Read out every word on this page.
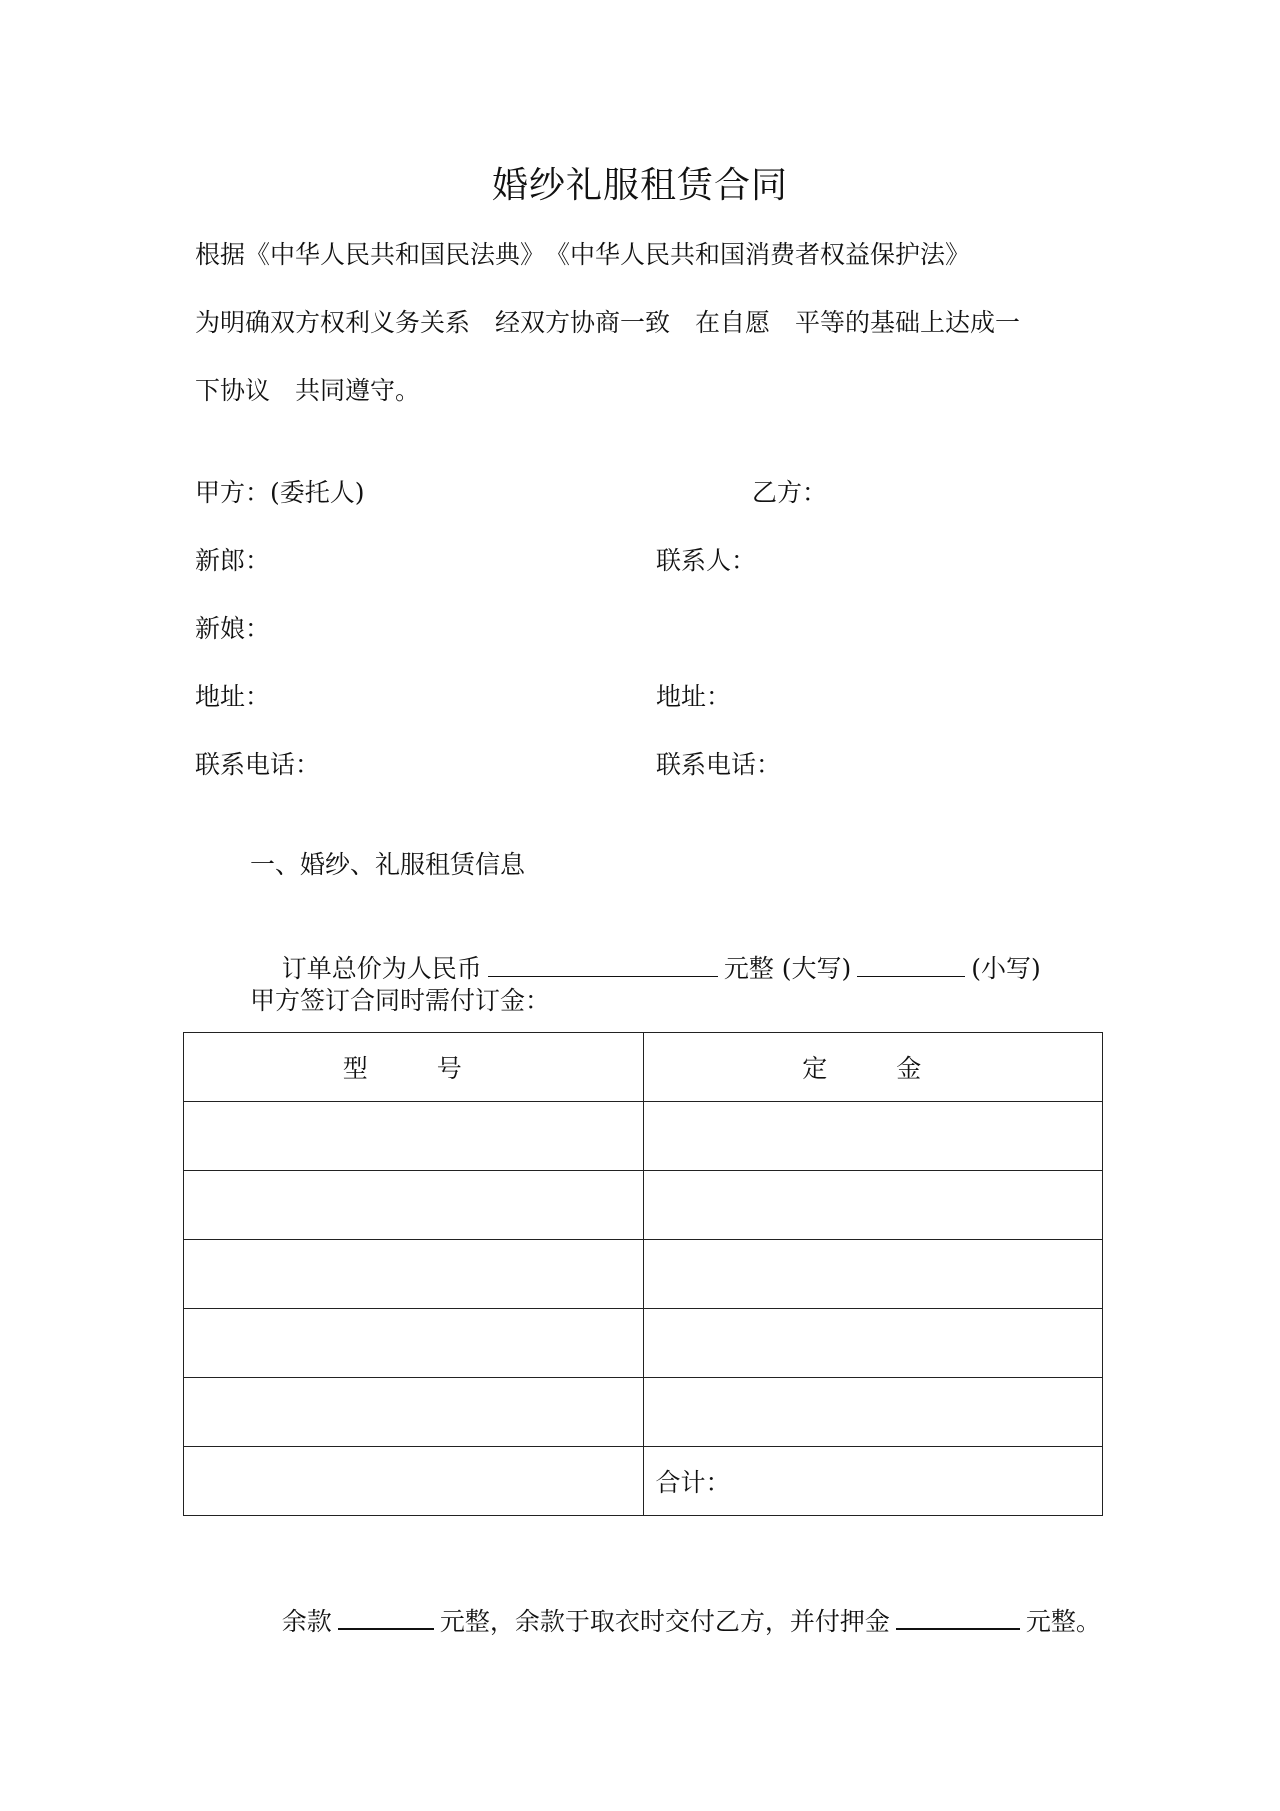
婚纱礼服租赁合同
根据《中华人民共和国民法典》　《中华人民共和国消费者权益保护法》
为明确双方权利义务关系　经双方协商一致　在自愿　平等的基础上达成一
下协议　共同遵守。
甲方：(委托人)	乙方：
新郎：	联系人：
新娘：
地址：	地址：
联系电话：	联系电话：
一、婚纱、礼服租赁信息

订单总价为人民币	元整 (大写)	(小写)

甲方签订合同时需付订金：
型　号	定　金

	合计：

余款	元整，余款于取衣时交付乙方，并付押金	元整。
